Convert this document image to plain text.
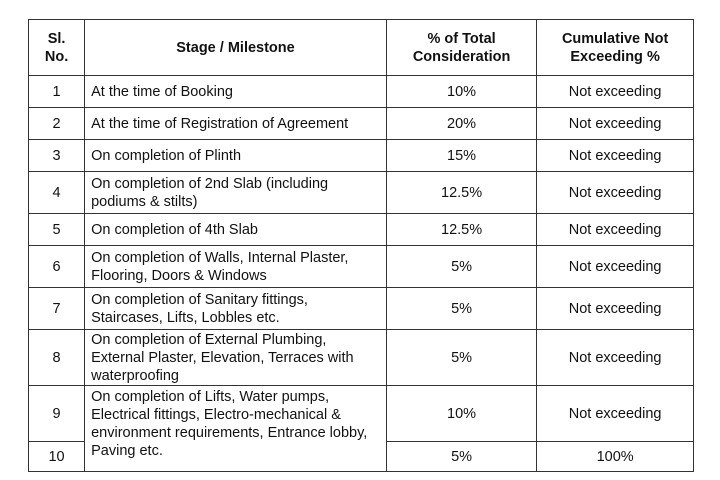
Sl. No.	Stage / Milestone	% of Total Consideration	Cumulative Not Exceeding %
1	At the time of Booking	10%	Not exceeding
2	At the time of Registration of Agreement	20%	Not exceeding
3	On completion of Plinth	15%	Not exceeding
4	On completion of 2nd Slab (including podiums & stilts)	12.5%	Not exceeding
5	On completion of 4th Slab	12.5%	Not exceeding
6	On completion of Walls, Internal Plaster, Flooring, Doors & Windows	5%	Not exceeding
7	On completion of Sanitary fittings, Staircases, Lifts, Lobbles etc.	5%	Not exceeding
8	On completion of External Plumbing, External Plaster, Elevation, Terraces with waterproofing	5%	Not exceeding
9	On completion of Lifts, Water pumps, Electrical fittings, Electro-mechanical & environment requirements, Entrance lobby, Paving etc.	10%	Not exceeding
10		5%	100%
